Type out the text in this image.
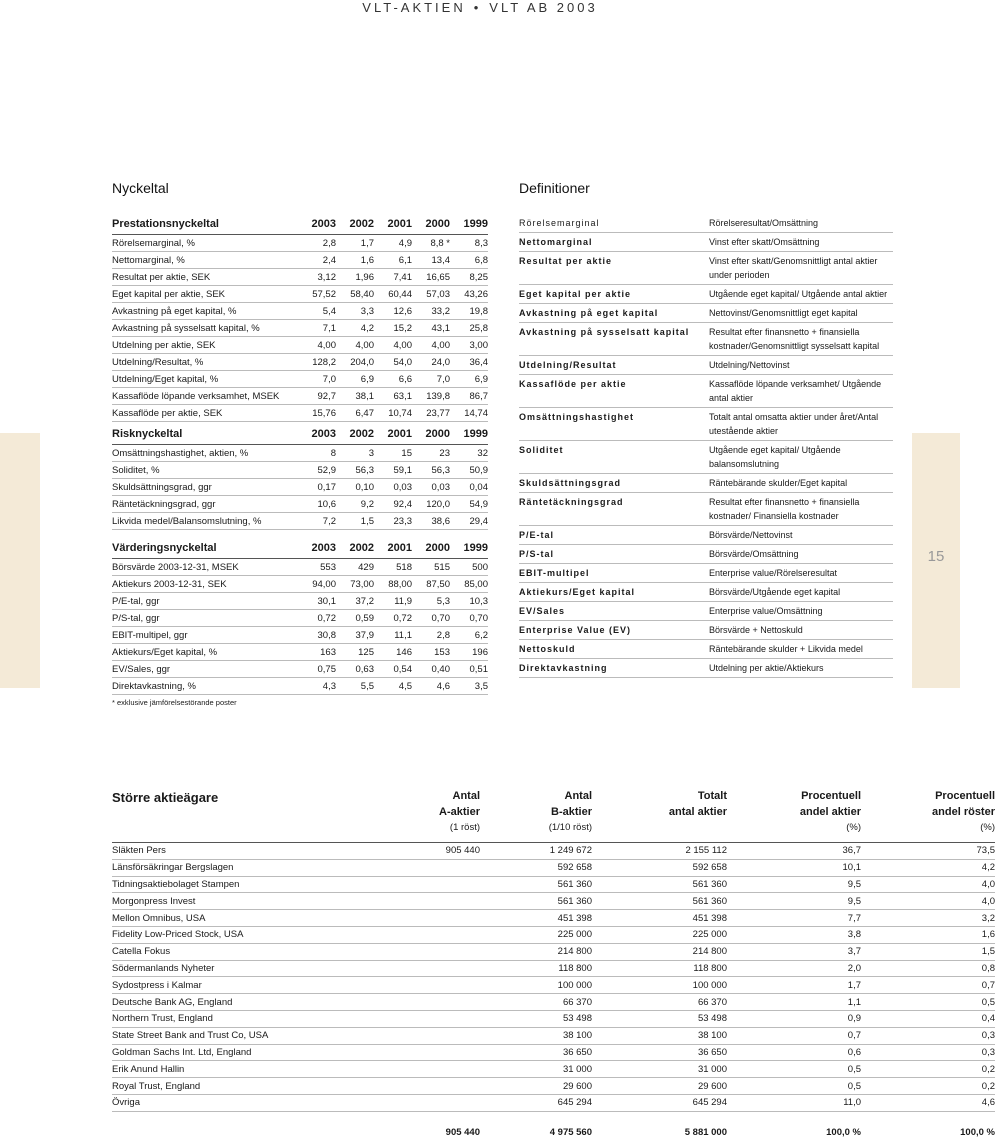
VLT-AKTIEN • VLT AB 2003
15
Nyckeltal	Definitioner
Prestationsnyckeltal	2003	2002	2001	2000	1999
Rörelsemarginal, %	2,8	1,7	4,9	8,8 *	8,3
Nettomarginal, %	2,4	1,6	6,1	13,4	6,8
Resultat per aktie, SEK	3,12	1,96	7,41	16,65	8,25
Eget kapital per aktie, SEK	57,52	58,40	60,44	57,03	43,26
Avkastning på eget kapital, %	5,4	3,3	12,6	33,2	19,8
Avkastning på sysselsatt kapital, %	7,1	4,2	15,2	43,1	25,8
Utdelning per aktie, SEK	4,00	4,00	4,00	4,00	3,00
Utdelning/Resultat, %	128,2	204,0	54,0	24,0	36,4
Utdelning/Eget kapital, %	7,0	6,9	6,6	7,0	6,9
Kassaflöde löpande verksamhet, MSEK	92,7	38,1	63,1	139,8	86,7
Kassaflöde per aktie, SEK	15,76	6,47	10,74	23,77	14,74
Risknyckeltal	2003	2002	2001	2000	1999
Omsättningshastighet, aktien, %	8	3	15	23	32
Soliditet, %	52,9	56,3	59,1	56,3	50,9
Skuldsättningsgrad, ggr	0,17	0,10	0,03	0,03	0,04
Räntetäckningsgrad, ggr	10,6	9,2	92,4	120,0	54,9
Likvida medel/Balansomslutning, %	7,2	1,5	23,3	38,6	29,4
Värderingsnyckeltal	2003	2002	2001	2000	1999
Börsvärde 2003-12-31, MSEK	553	429	518	515	500
Aktiekurs 2003-12-31, SEK	94,00	73,00	88,00	87,50	85,00
P/E-tal, ggr	30,1	37,2	11,9	5,3	10,3
P/S-tal, ggr	0,72	0,59	0,72	0,70	0,70
EBIT-multipel, ggr	30,8	37,9	11,1	2,8	6,2
Aktiekurs/Eget kapital, %	163	125	146	153	196
EV/Sales, ggr	0,75	0,63	0,54	0,40	0,51
Direktavkastning, %	4,3	5,5	4,5	4,6	3,5
* exklusive jämförelsestörande poster
Rörelsemarginal	Rörelseresultat/Omsättning
Nettomarginal	Vinst efter skatt/Omsättning
Resultat per aktie	Vinst efter skatt/Genomsnittligt antal aktier under perioden
Eget kapital per aktie	Utgående eget kapital/ Utgående antal aktier
Avkastning på eget kapital	Nettovinst/Genomsnittligt eget kapital
Avkastning på sysselsatt kapital	Resultat efter finansnetto + finansiella kostnader/Genomsnittligt sysselsatt kapital
Utdelning/Resultat	Utdelning/Nettovinst
Kassaflöde per aktie	Kassaflöde löpande verksamhet/ Utgående antal aktier
Omsättningshastighet	Totalt antal omsatta aktier under året/Antal utestående aktier
Soliditet	Utgående eget kapital/ Utgående balansomslutning
Skuldsättningsgrad	Räntebärande skulder/Eget kapital
Räntetäckningsgrad	Resultat efter finansnetto + finansiella kostnader/ Finansiella kostnader
P/E-tal	Börsvärde/Nettovinst
P/S-tal	Börsvärde/Omsättning
EBIT-multipel	Enterprise value/Rörelseresultat
Aktiekurs/Eget kapital	Börsvärde/Utgående eget kapital
EV/Sales	Enterprise value/Omsättning
Enterprise Value (EV)	Börsvärde + Nettoskuld
Nettoskuld	Räntebärande skulder + Likvida medel
Direktavkastning	Utdelning per aktie/Aktiekurs
Större aktieägare	Antal	Antal	Totalt	Procentuell	Procentuell
	A-aktier	B-aktier	antal aktier	andel aktier	andel röster
	(1 röst)	(1/10 röst)		(%)	(%)
Släkten Pers	905 440	1 249 672	2 155 112	36,7	73,5
Länsförsäkringar Bergslagen		592 658	592 658	10,1	4,2
Tidningsaktiebolaget Stampen		561 360	561 360	9,5	4,0
Morgonpress Invest		561 360	561 360	9,5	4,0
Mellon Omnibus, USA		451 398	451 398	7,7	3,2
Fidelity Low-Priced Stock, USA		225 000	225 000	3,8	1,6
Catella Fokus		214 800	214 800	3,7	1,5
Södermanlands Nyheter		118 800	118 800	2,0	0,8
Sydostpress i Kalmar		100 000	100 000	1,7	0,7
Deutsche Bank AG, England		66 370	66 370	1,1	0,5
Northern Trust, England		53 498	53 498	0,9	0,4
State Street Bank and Trust Co, USA		38 100	38 100	0,7	0,3
Goldman Sachs Int. Ltd, England		36 650	36 650	0,6	0,3
Erik Anund Hallin		31 000	31 000	0,5	0,2
Royal Trust, England		29 600	29 600	0,5	0,2
Övriga		645 294	645 294	11,0	4,6
	905 440	4 975 560	5 881 000	100,0 %	100,0 %
